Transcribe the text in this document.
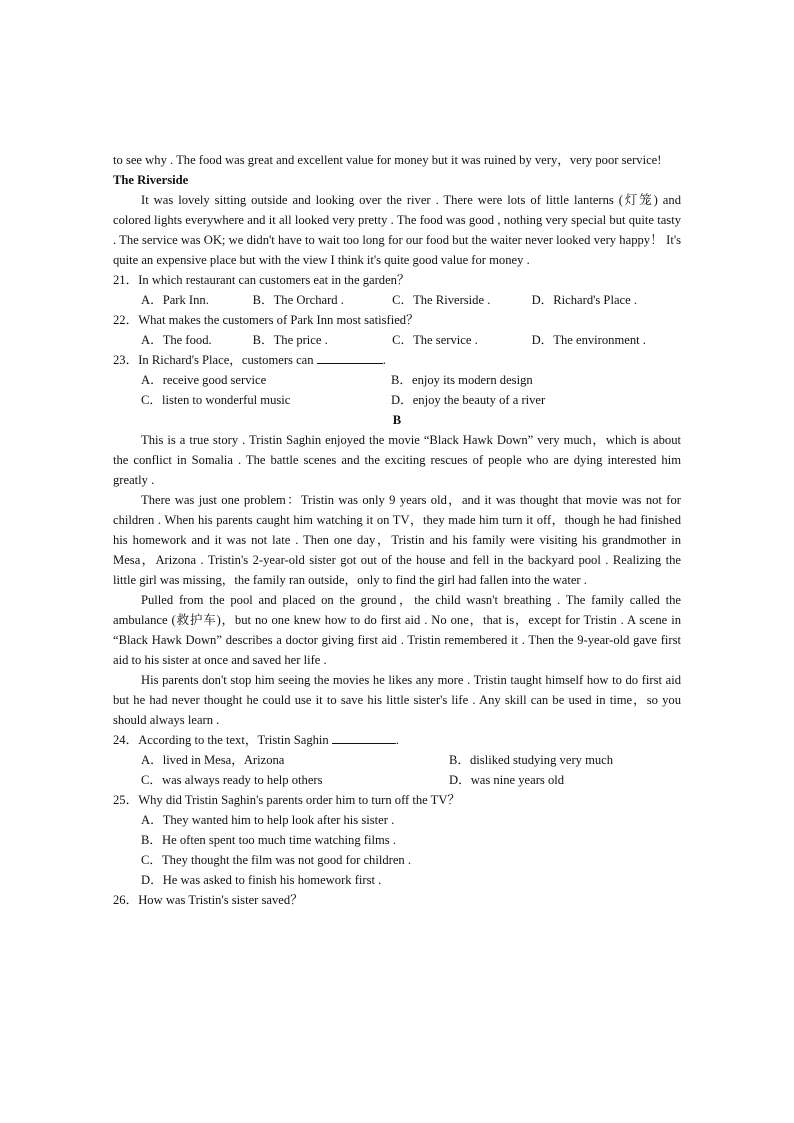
to see why . The food was great and excellent value for money but it was ruined by very，very poor service!

The Riverside

It was lovely sitting outside and looking over the river . There were lots of little lanterns (灯笼) and colored lights everywhere and it all looked very pretty . The food was good , nothing very special but quite tasty . The service was OK; we didn't have to wait too long for our food but the waiter never looked very happy！ It's quite an expensive place but with the view I think it's quite good value for money .

21．In which restaurant can customers eat in the garden？

A．Park Inn.	B．The Orchard .	C．The Riverside .	D．Richard's Place .

22．What makes the customers of Park Inn most satisfied？

A．The food.	B．The price .	C．The service .	D．The environment .

23．In Richard's Place，customers can	.

A．receive good service	B．enjoy its modern design
C．listen to wonderful music	D．enjoy the beauty of a river

B

This is a true story . Tristin Saghin enjoyed the movie “Black Hawk Down” very much，which is about the conflict in Somalia . The battle scenes and the exciting rescues of people who are dying interested him greatly .

There was just one problem：Tristin was only 9 years old，and it was thought that movie was not for children . When his parents caught him watching it on TV，they made him turn it off，though he had finished his homework and it was not late . Then one day，Tristin and his family were visiting his grandmother in Mesa，Arizona . Tristin's 2-year-old sister got out of the house and fell in the backyard pool . Realizing the little girl was missing，the family ran outside，only to find the girl had fallen into the water .

Pulled from the pool and placed on the ground，the child wasn't breathing . The family called the ambulance (救护车)，but no one knew how to do first aid . No one，that is，except for Tristin . A scene in “Black Hawk Down” describes a doctor giving first aid . Tristin remembered it . Then the 9-year-old gave first aid to his sister at once and saved her life .

His parents don't stop him seeing the movies he likes any more . Tristin taught himself how to do first aid but he had never thought he could use it to save his little sister's life . Any skill can be used in time，so you should always learn .

24．According to the text，Tristin Saghin	.

A．lived in Mesa，Arizona	B．disliked studying very much
C．was always ready to help others	D．was nine years old

25．Why did Tristin Saghin's parents order him to turn off the TV？

A．They wanted him to help look after his sister .

B．He often spent too much time watching films .

C．They thought the film was not good for children .

D．He was asked to finish his homework first .

26．How was Tristin's sister saved？
